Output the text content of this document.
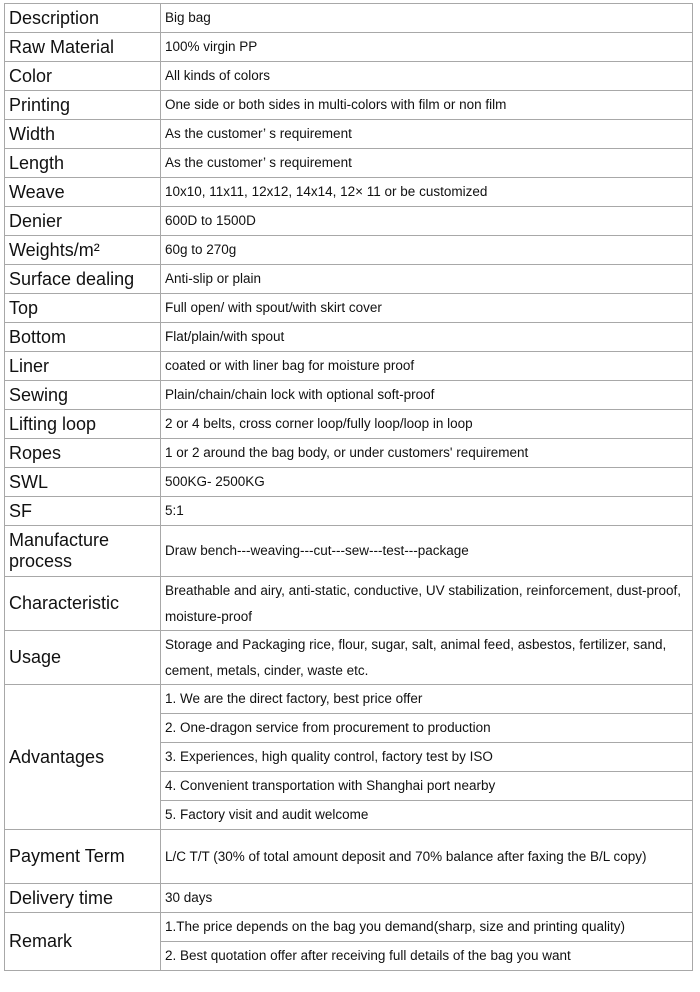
Description	Big bag
Raw Material	100% virgin PP
Color	All kinds of colors
Printing	One side or both sides in multi-colors with film or non film
Width	As the customer’ s requirement
Length	As the customer’ s requirement
Weave	10x10, 11x11, 12x12, 14x14, 12× 11 or be customized
Denier	600D to 1500D
Weights/m²	60g to 270g
Surface dealing	Anti-slip or plain
Top	Full open/ with spout/with skirt cover
Bottom	Flat/plain/with spout
Liner	coated or with liner bag for moisture proof
Sewing	Plain/chain/chain lock with optional soft-proof
Lifting loop	2 or 4 belts, cross corner loop/fully loop/loop in loop
Ropes	1 or 2 around the bag body, or under customers' requirement
SWL	500KG- 2500KG
SF	5:1
Manufacture process	Draw bench---weaving---cut---sew---test---package
Characteristic	Breathable and airy, anti-static, conductive, UV stabilization, reinforcement, dust-proof, moisture-proof
Usage	Storage and Packaging rice, flour, sugar, salt, animal feed, asbestos, fertilizer, sand, cement, metals, cinder, waste etc.
Advantages	1. We are the direct factory, best price offer
	2. One-dragon service from procurement to production
	3. Experiences, high quality control, factory test by ISO
	4. Convenient transportation with Shanghai port nearby
	5. Factory visit and audit welcome
Payment Term	L/C T/T (30% of total amount deposit and 70% balance after faxing the B/L copy)
Delivery time	30 days
Remark	1.The price depends on the bag you demand(sharp, size and printing quality)
	2. Best quotation offer after receiving full details of the bag you want
